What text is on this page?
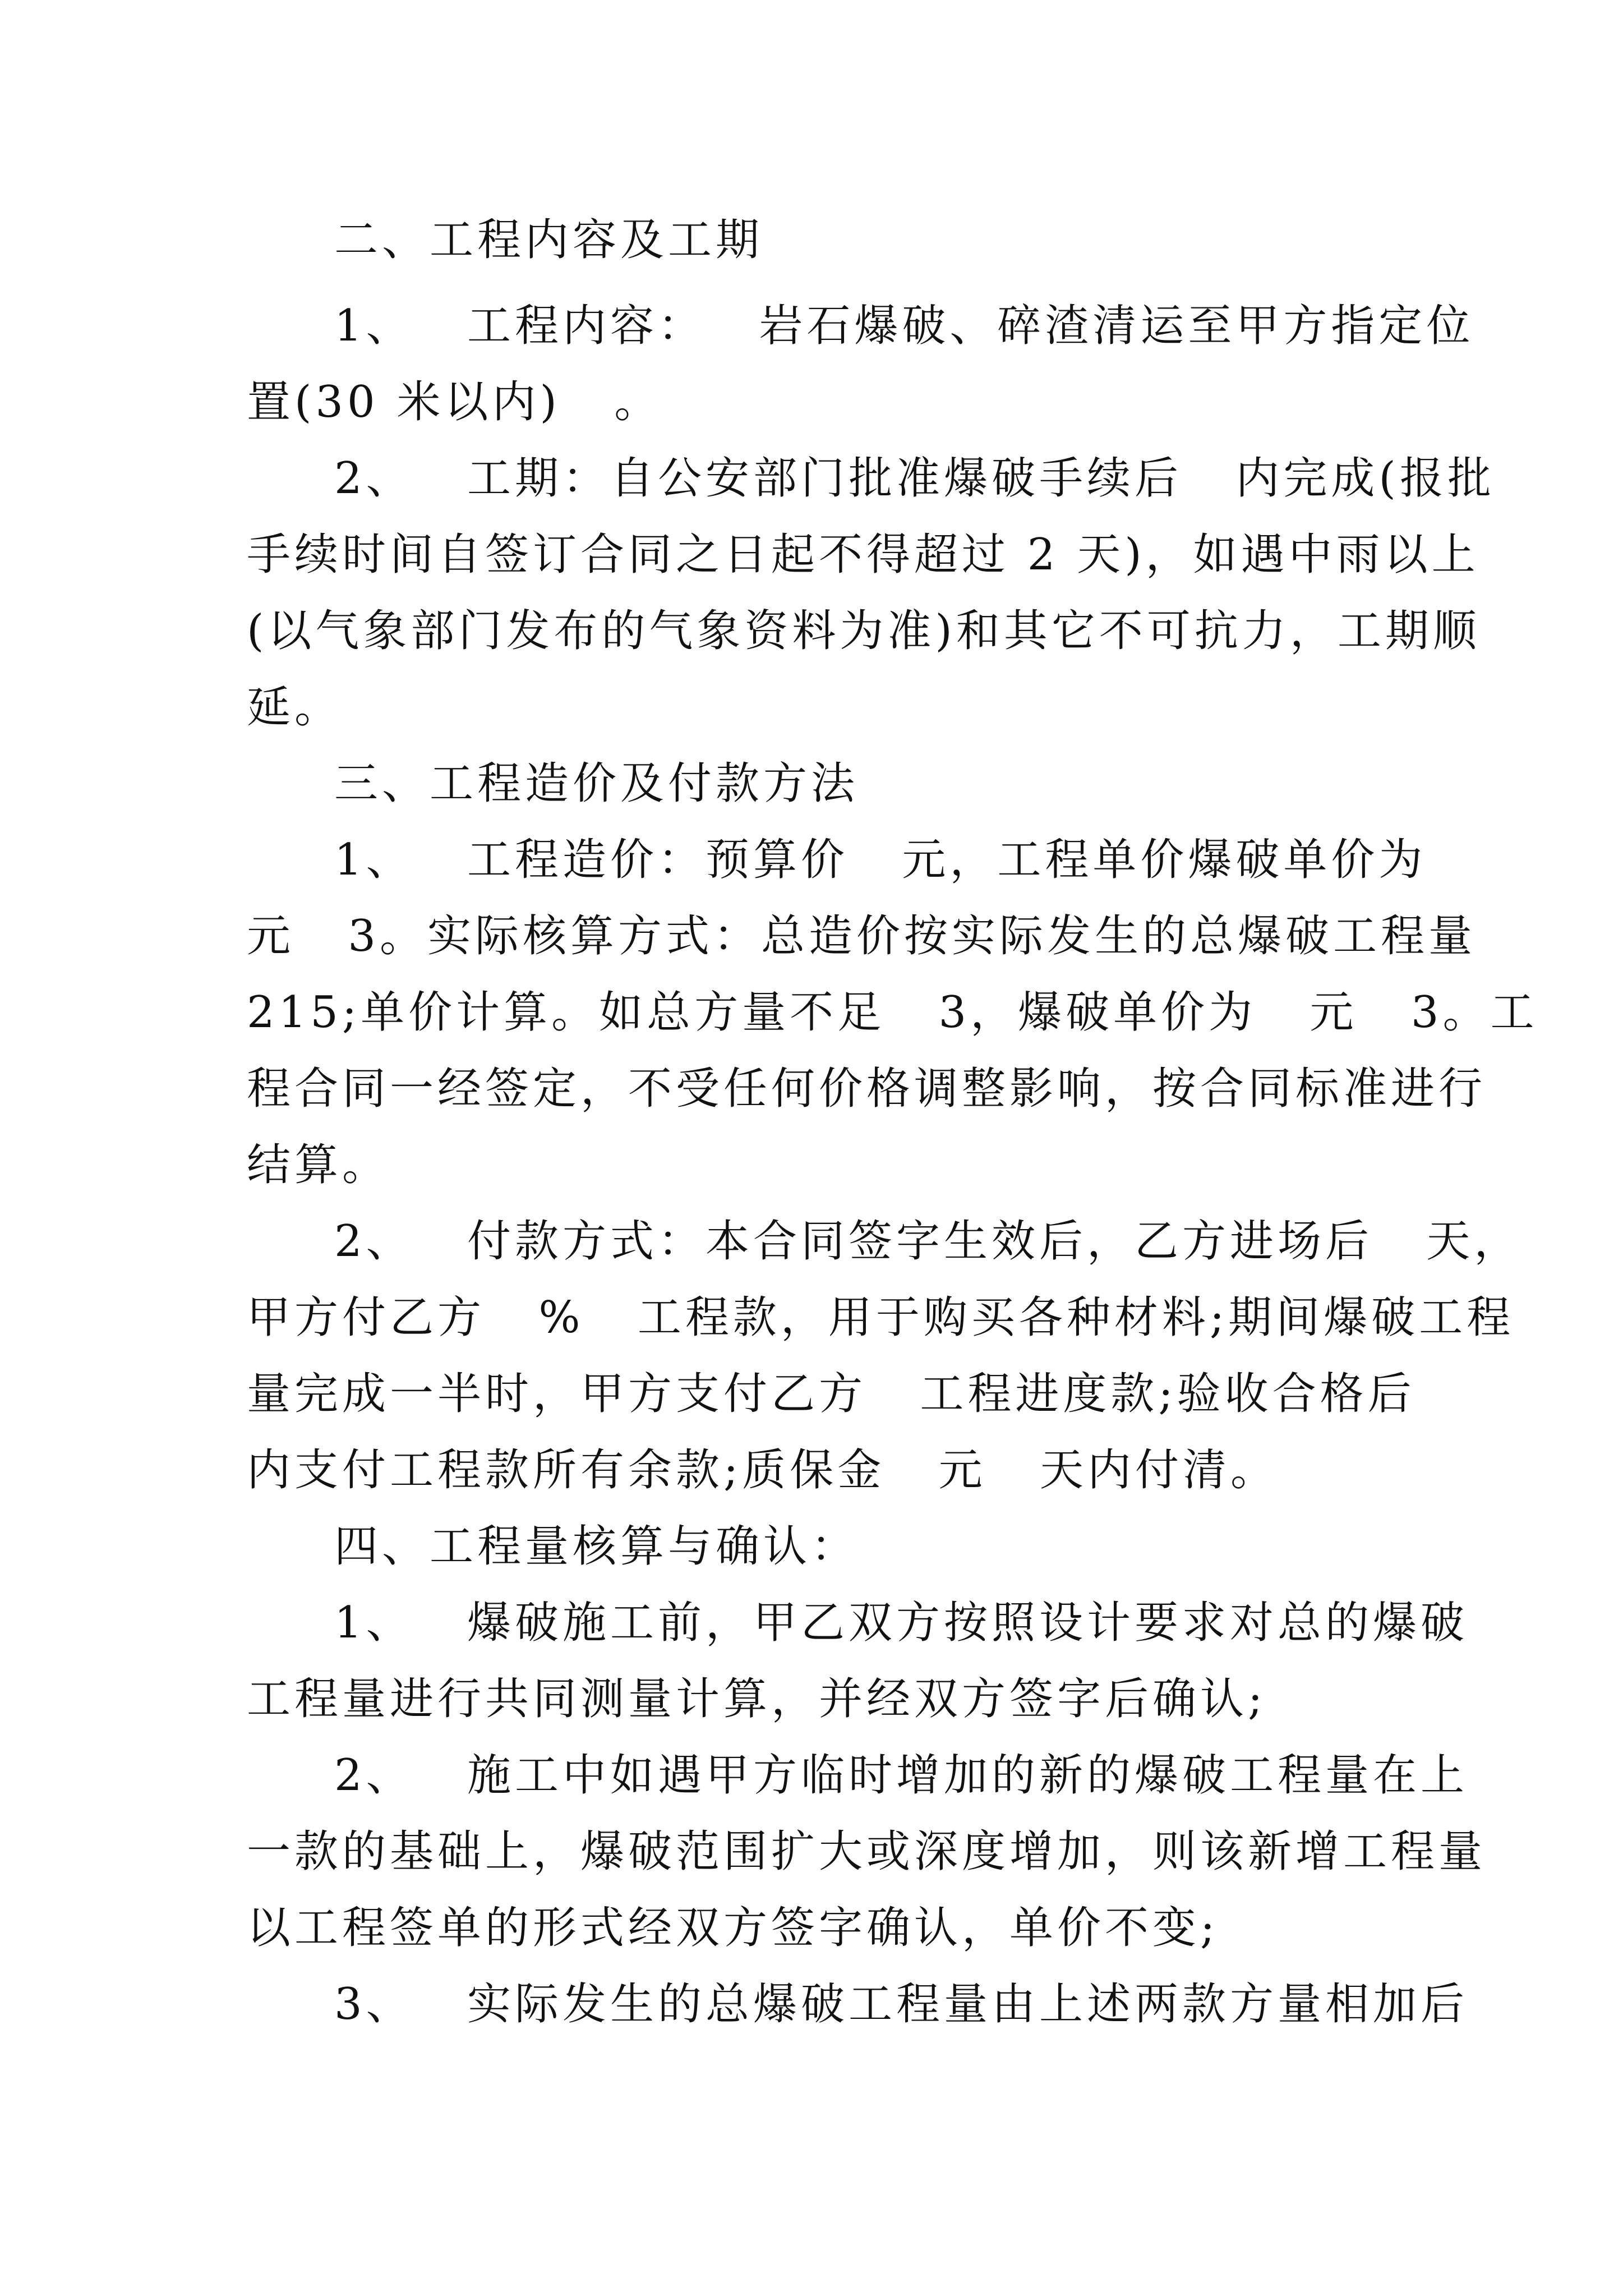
二、工程内容及工期

1、   工程内容：   岩石爆破、碎渣清运至甲方指定位

置(30 米以内)   。

2、   工期：自公安部门批准爆破手续后   内完成(报批

手续时间自签订合同之日起不得超过 2 天)，如遇中雨以上

(以气象部门发布的气象资料为准)和其它不可抗力，工期顺

延。

三、工程造价及付款方法

1、   工程造价：预算价   元，工程单价爆破单价为

元   3。实际核算方式：总造价按实际发生的总爆破工程量

215;单价计算。如总方量不足   3，爆破单价为   元   3。工

程合同一经签定，不受任何价格调整影响，按合同标准进行

结算。

2、   付款方式：本合同签字生效后，乙方进场后   天，

甲方付乙方   %   工程款，用于购买各种材料;期间爆破工程

量完成一半时，甲方支付乙方   工程进度款;验收合格后

内支付工程款所有余款;质保金   元   天内付清。

四、工程量核算与确认：

1、   爆破施工前，甲乙双方按照设计要求对总的爆破

工程量进行共同测量计算，并经双方签字后确认;

2、   施工中如遇甲方临时增加的新的爆破工程量在上

一款的基础上，爆破范围扩大或深度增加，则该新增工程量

以工程签单的形式经双方签字确认，单价不变;

3、   实际发生的总爆破工程量由上述两款方量相加后
